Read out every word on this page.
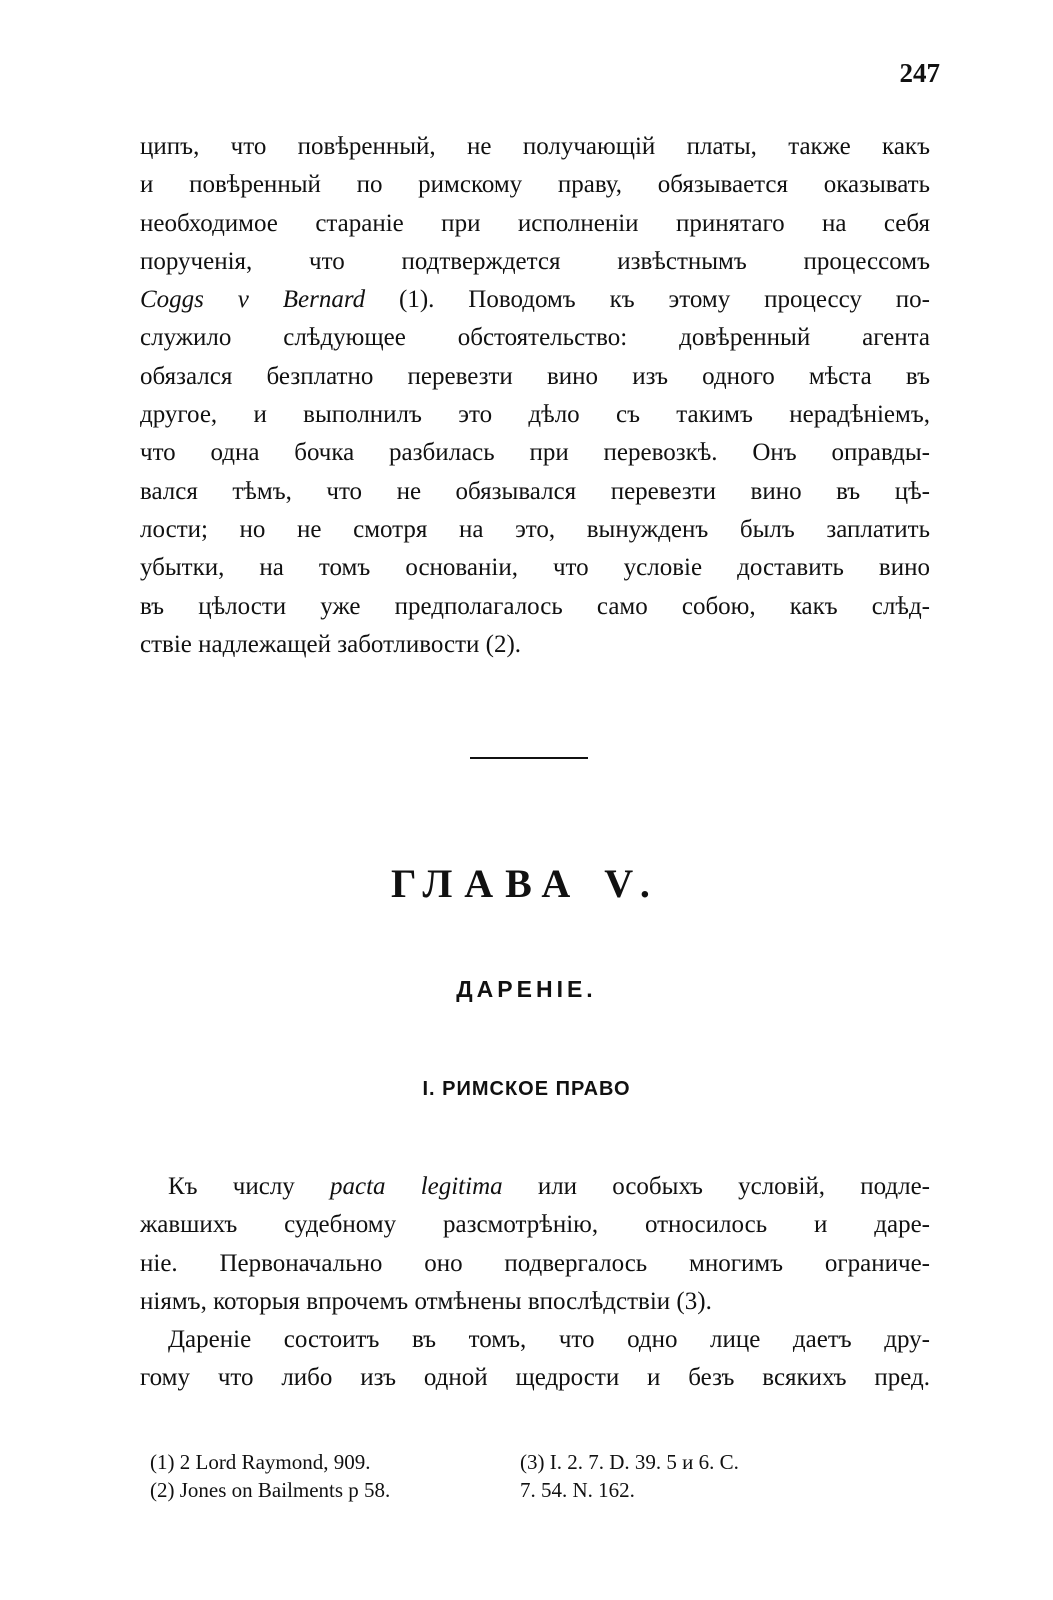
247
ципъ, что повѣренный, не получающій платы, также какъ
и повѣренный по римскому праву, обязывается оказывать
необходимое стараніе при исполненіи принятаго на себя
порученія, что подтверждется извѣстнымъ процессомъ
Coggs v Bernard (1). Поводомъ къ этому процессу по-
служило слѣдующее обстоятельство: довѣренный агента
обязался безплатно перевезти вино изъ одного мѣста въ
другое, и выполнилъ это дѣло съ такимъ нерадѣніемъ,
что одна бочка разбилась при перевозкѣ. Онъ оправды-
вался тѣмъ, что не обязывался перевезти вино въ цѣ-
лости; но не смотря на это, вынужденъ былъ заплатить
убытки, на томъ основаніи, что условіе доставить вино
въ цѣлости уже предполагалось само собою, какъ слѣд-
ствіе надлежащей заботливости (2).
ГЛАВА V.
ДАРЕНІЕ.
I. РИМСКОЕ ПРАВО
Къ числу pacta legitima или особыхъ условій, подле-
жавшихъ судебному разсмотрѣнію, относилось и даре-
ніе. Первоначально оно подвергалось многимъ ограниче-
ніямъ, которыя впрочемъ отмѣнены впослѣдствіи (3).
Дареніе состоитъ въ томъ, что одно лице даетъ дру-
гому что либо изъ одной щедрости и безъ всякихъ пред.
(1) 2 Lord Raymond, 909.	(3) I. 2. 7. D. 39. 5 и 6. C.
(2) Jones on Bailments p 58.	7. 54. N. 162.
